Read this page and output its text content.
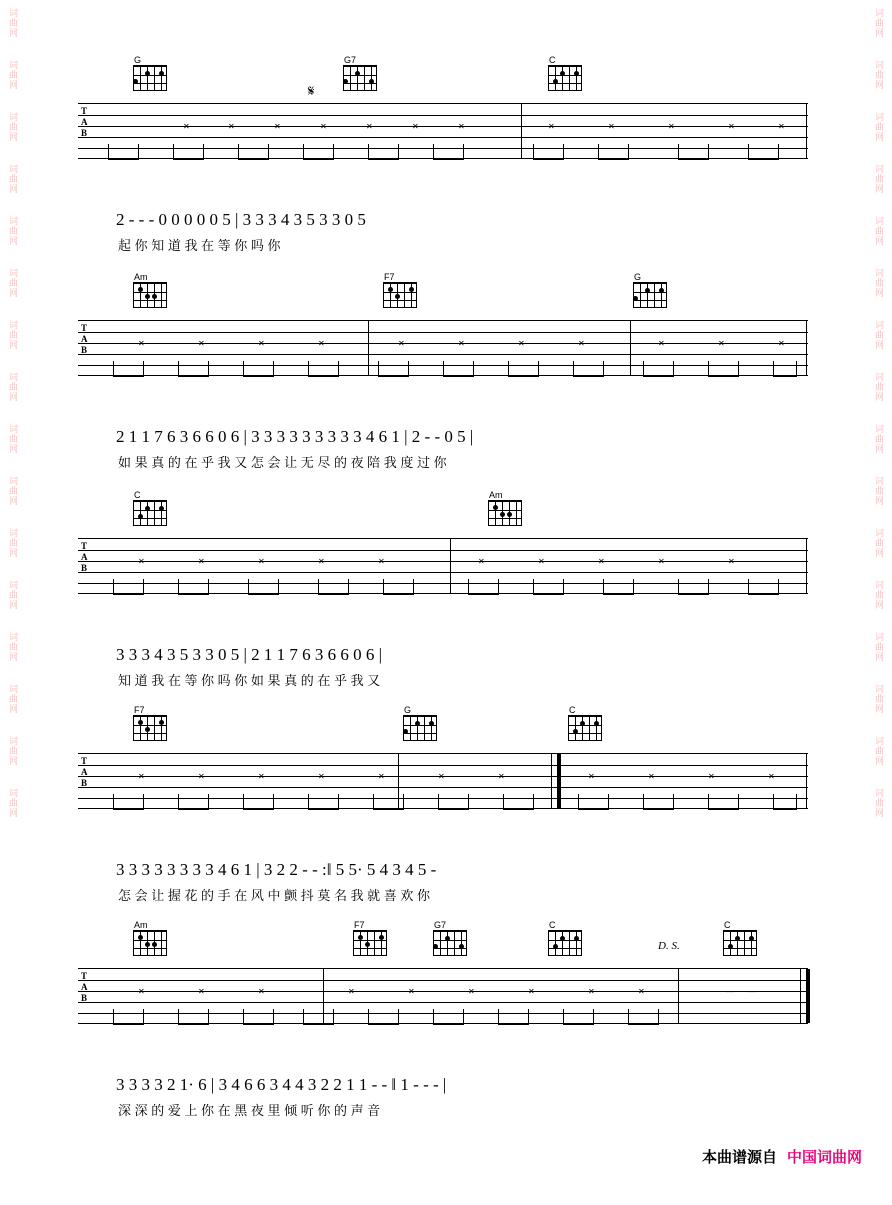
词曲网
词曲网
词曲网
词曲网
词曲网
词曲网
词曲网
词曲网
词曲网
词曲网
词曲网
词曲网
词曲网
词曲网
词曲网
词曲网
词曲网
词曲网
词曲网
词曲网
词曲网
词曲网
词曲网
词曲网
词曲网
词曲网
词曲网
词曲网
词曲网
词曲网
词曲网
词曲网
G	G7	C
𝄋
T
A
B
✕	✕	✕	✕	✕	✕	✕	✕	✕	✕	✕	✕
2 - - - 0 0 0 0 0 5 | 3 3 3 4 3 5 3 3 0 5
起 你 知 道 我 在 等 你 吗 你
Am	F7	G
T
A
B
✕	✕	✕	✕	✕	✕	✕	✕	✕	✕	✕
2 1 1 7 6 3 6 6 0 6 | 3 3 3 3 3 3 3 3 3 4 6 1 | 2 - - 0 5 |
如 果 真 的 在 乎 我 又 怎 会 让 无 尽 的 夜 陪 我 度 过 你
C	Am
T
A
B
✕	✕	✕	✕	✕	✕	✕	✕	✕	✕
3 3 3 4 3 5 3 3 0 5 | 2 1 1 7 6 3 6 6 0 6 |
知 道 我 在 等 你 吗 你 如 果 真 的 在 乎 我 又
F7	G	C
T
A
B
✕	✕	✕	✕	✕	✕	✕	✕	✕	✕	✕
3 3 3 3 3 3 3 3 4 6 1 | 3 2 2 - - :‖ 5 5· 5 4 3 4 5 -
怎 会 让 握 花 的 手 在 风 中 颤 抖 莫 名 我 就 喜 欢 你
Am	F7	G7	C	C
D. S.
T
A
B
✕	✕	✕	✕	✕	✕	✕	✕	✕	— —
3 3 3 3 2 1· 6 | 3 4 6 6 3 4 4 3 2 2 1 1 - - ‖ 1 - - - |
深 深 的 爱 上 你 在 黑 夜 里 倾 听 你 的 声 音
本曲谱源自 中国词曲网
